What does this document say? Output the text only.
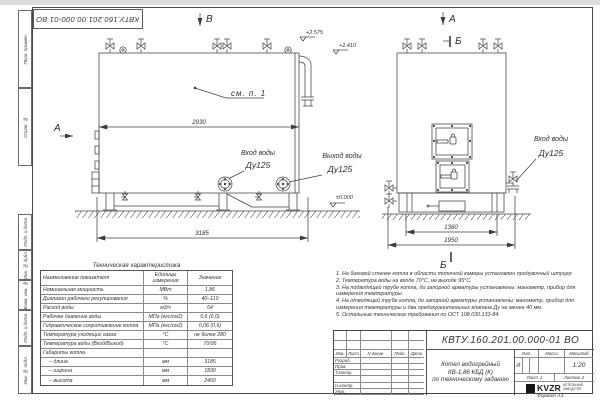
Перв. примен.
Справ. №
Подп. и дата
Инв. № дубл.
Взам. инв. №
Подп. и дата
Инв. № подл.
КВТУ.160.201.00.000-01 ВО	В
А
см. п. 1
2930
+2.575
+2.410
±0.000
Вход воды
Ду125
Выход воды
Ду125
3185
А
Б
Вход воды
Ду125
1360
1950
Б
Техническая характеристика
Наименование показателя	Единицы измерения	Значение
Номинальная мощность	МВт	1,86
Диапазон рабочего регулирования	%	40–110
Расход воды	м3/ч	64
Рабочее давление воды	МПа (кгс/см2)	0,6 (6,0)
Гидравлическое сопротивление котла	МПа (кгс/см2)	0,06 (0,6)
Температура уходящих газов	°С	не более 280
Температура воды (Вход/Выход)	°С	70/95
Габариты котла
– длина	мм	3185
– ширина	мм	1830
– высота	мм	2460
1. На боковой стенке котла в области топочной камеры установлен продувочный штуцер
2. Температура воды на входе 70°С, на выходе 95°С.
3. На подводящей трубе котла, до запорной арматуры установлены: манометр, прибор для измерения температуры.
4. На отводящей трубе котла, до запорной арматуры установлены: манометр, прибор для измерения температуры и два предохранительных клапана Ду не менее 40 мм.
5. Остальные технические требования по ОСТ 108.030.133-84.
КВТУ.160.201.00.000-01 ВО
Изм. Лист	N докум.	Подп.	Дата
Разраб.
Пров.
Т.контр.
Н.контр.
Утв.
Котел водогрейный
КВ-1,86 КБД (К)
по техническому заданию
Лит.	Масса	Масштаб
И	1:20
Лист 1	Листов 2
KVZR КОТЕЛЬНЫЙ
ЗАВОД РЭП
Формат А3
